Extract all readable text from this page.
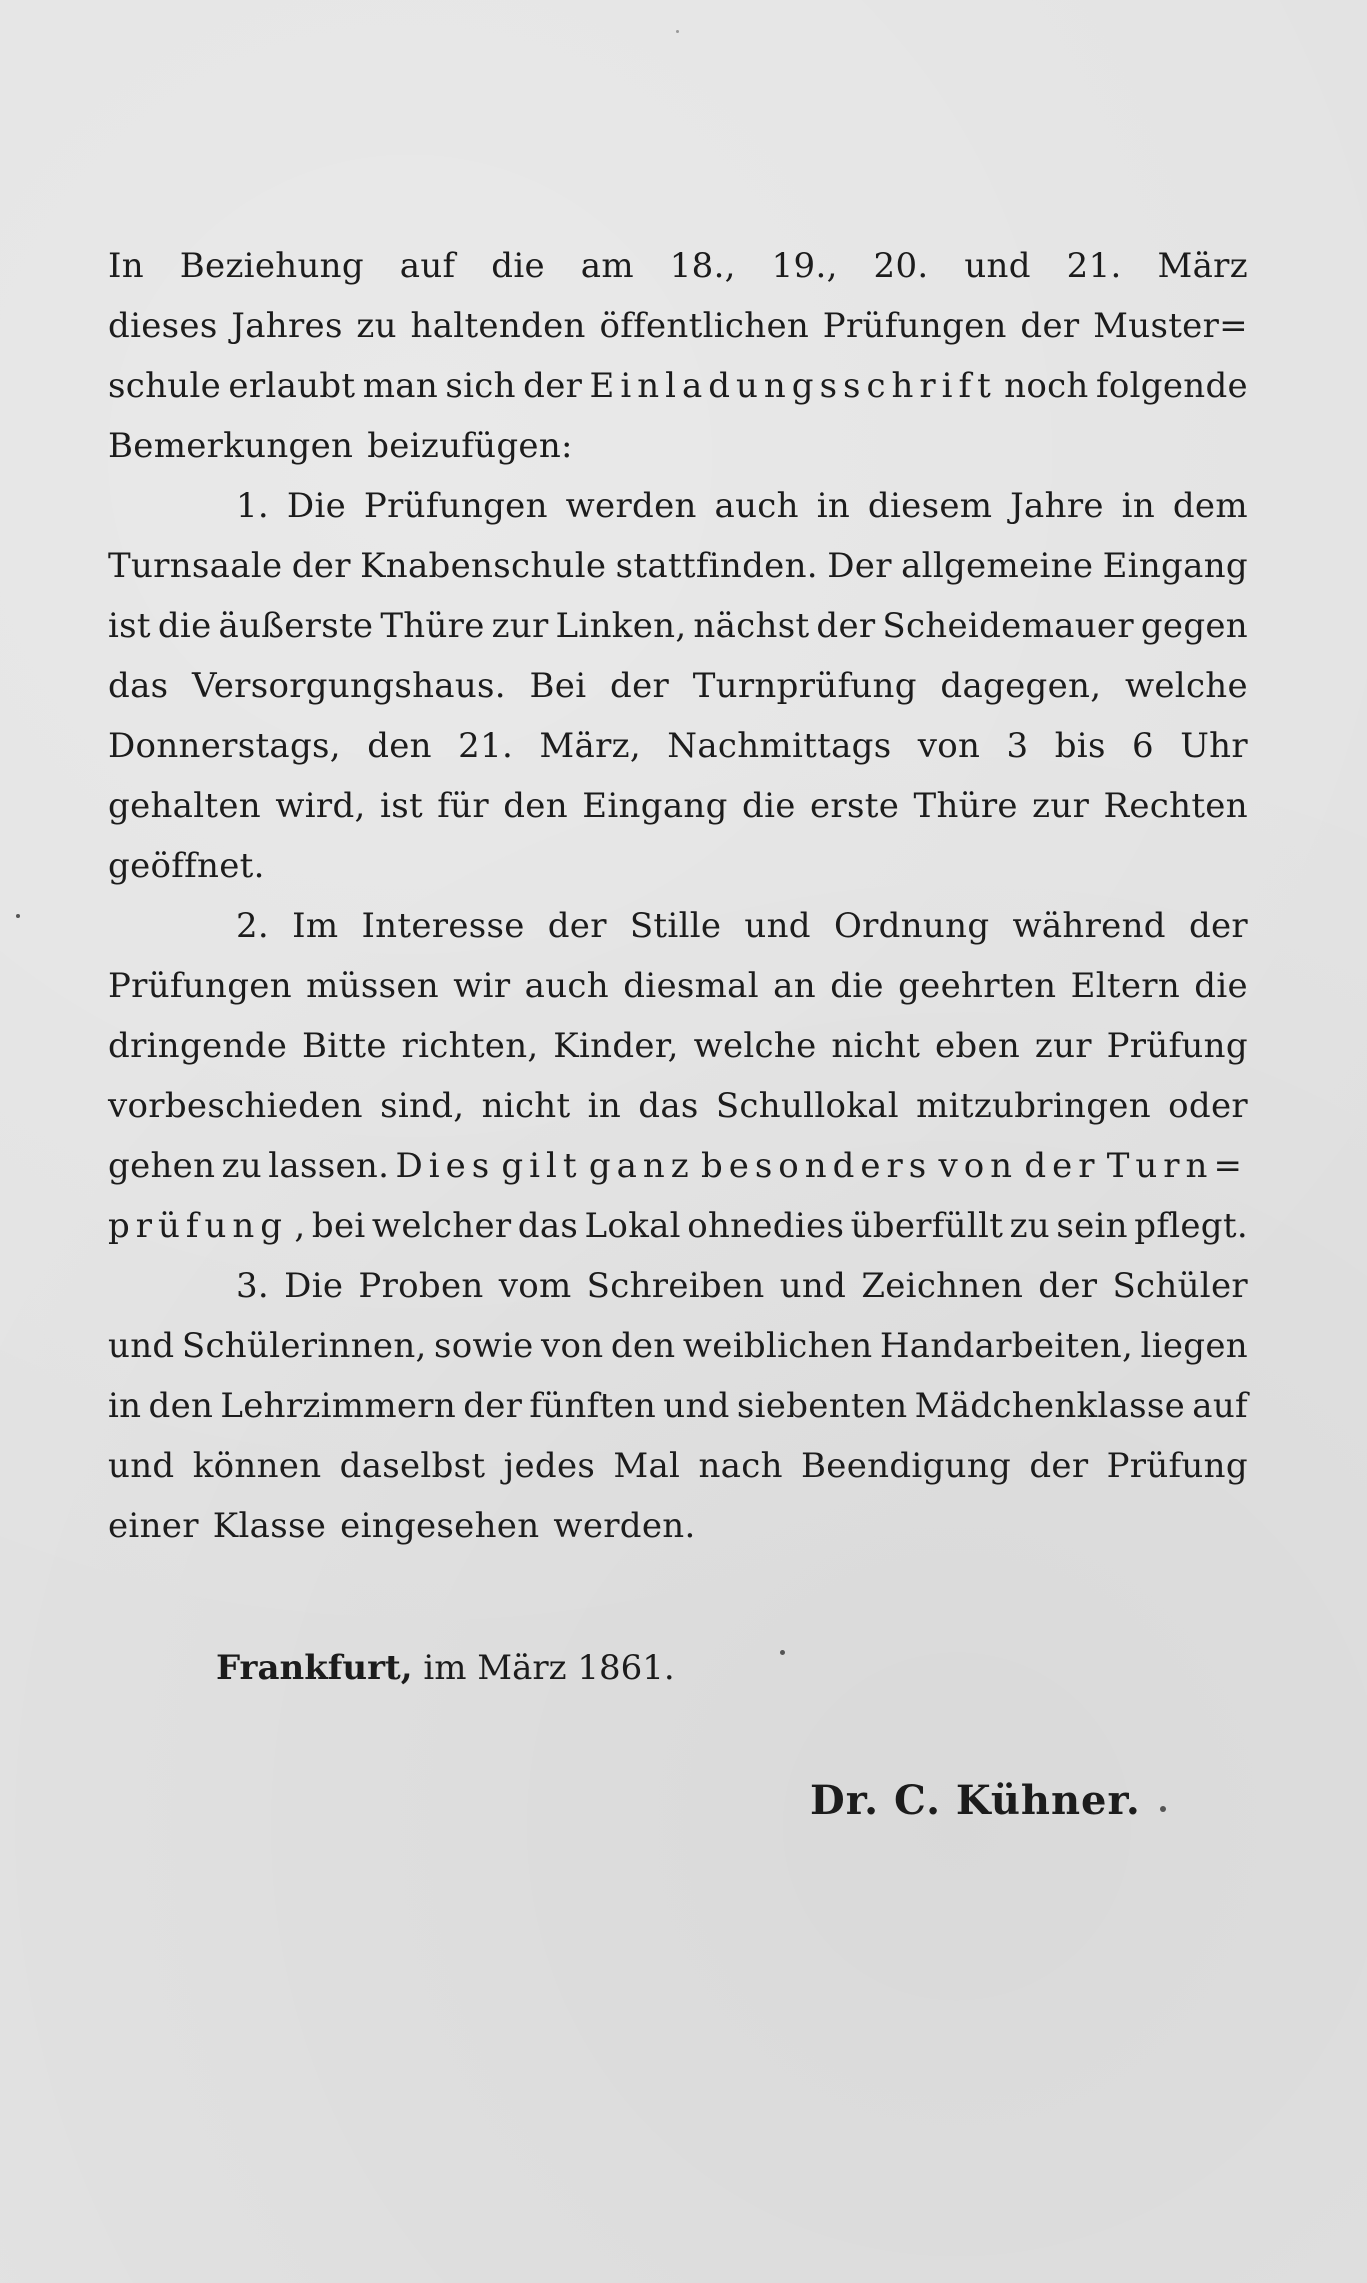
In Beziehung auf die am 18., 19., 20. und 21. März
dieses Jahres zu haltenden öffentlichen Prüfungen der Muster=
schule erlaubt man sich der Einladungsschrift noch folgende
Bemerkungen beizufügen:
1. Die Prüfungen werden auch in diesem Jahre in dem
Turnsaale der Knabenschule stattfinden. Der allgemeine Eingang
ist die äußerste Thüre zur Linken, nächst der Scheidemauer gegen
das Versorgungshaus. Bei der Turnprüfung dagegen, welche
Donnerstags, den 21. März, Nachmittags von 3 bis 6 Uhr
gehalten wird, ist für den Eingang die erste Thüre zur Rechten
geöffnet.
2. Im Interesse der Stille und Ordnung während der
Prüfungen müssen wir auch diesmal an die geehrten Eltern die
dringende Bitte richten, Kinder, welche nicht eben zur Prüfung
vorbeschieden sind, nicht in das Schullokal mitzubringen oder
gehen zu lassen. Dies gilt ganz besonders von der Turn=
prüfung , bei welcher das Lokal ohnedies überfüllt zu sein pflegt.
3. Die Proben vom Schreiben und Zeichnen der Schüler
und Schülerinnen, sowie von den weiblichen Handarbeiten, liegen
in den Lehrzimmern der fünften und siebenten Mädchenklasse auf
und können daselbst jedes Mal nach Beendigung der Prüfung
einer Klasse eingesehen werden.
Frankfurt, im März 1861.
Dr. C. Kühner.
